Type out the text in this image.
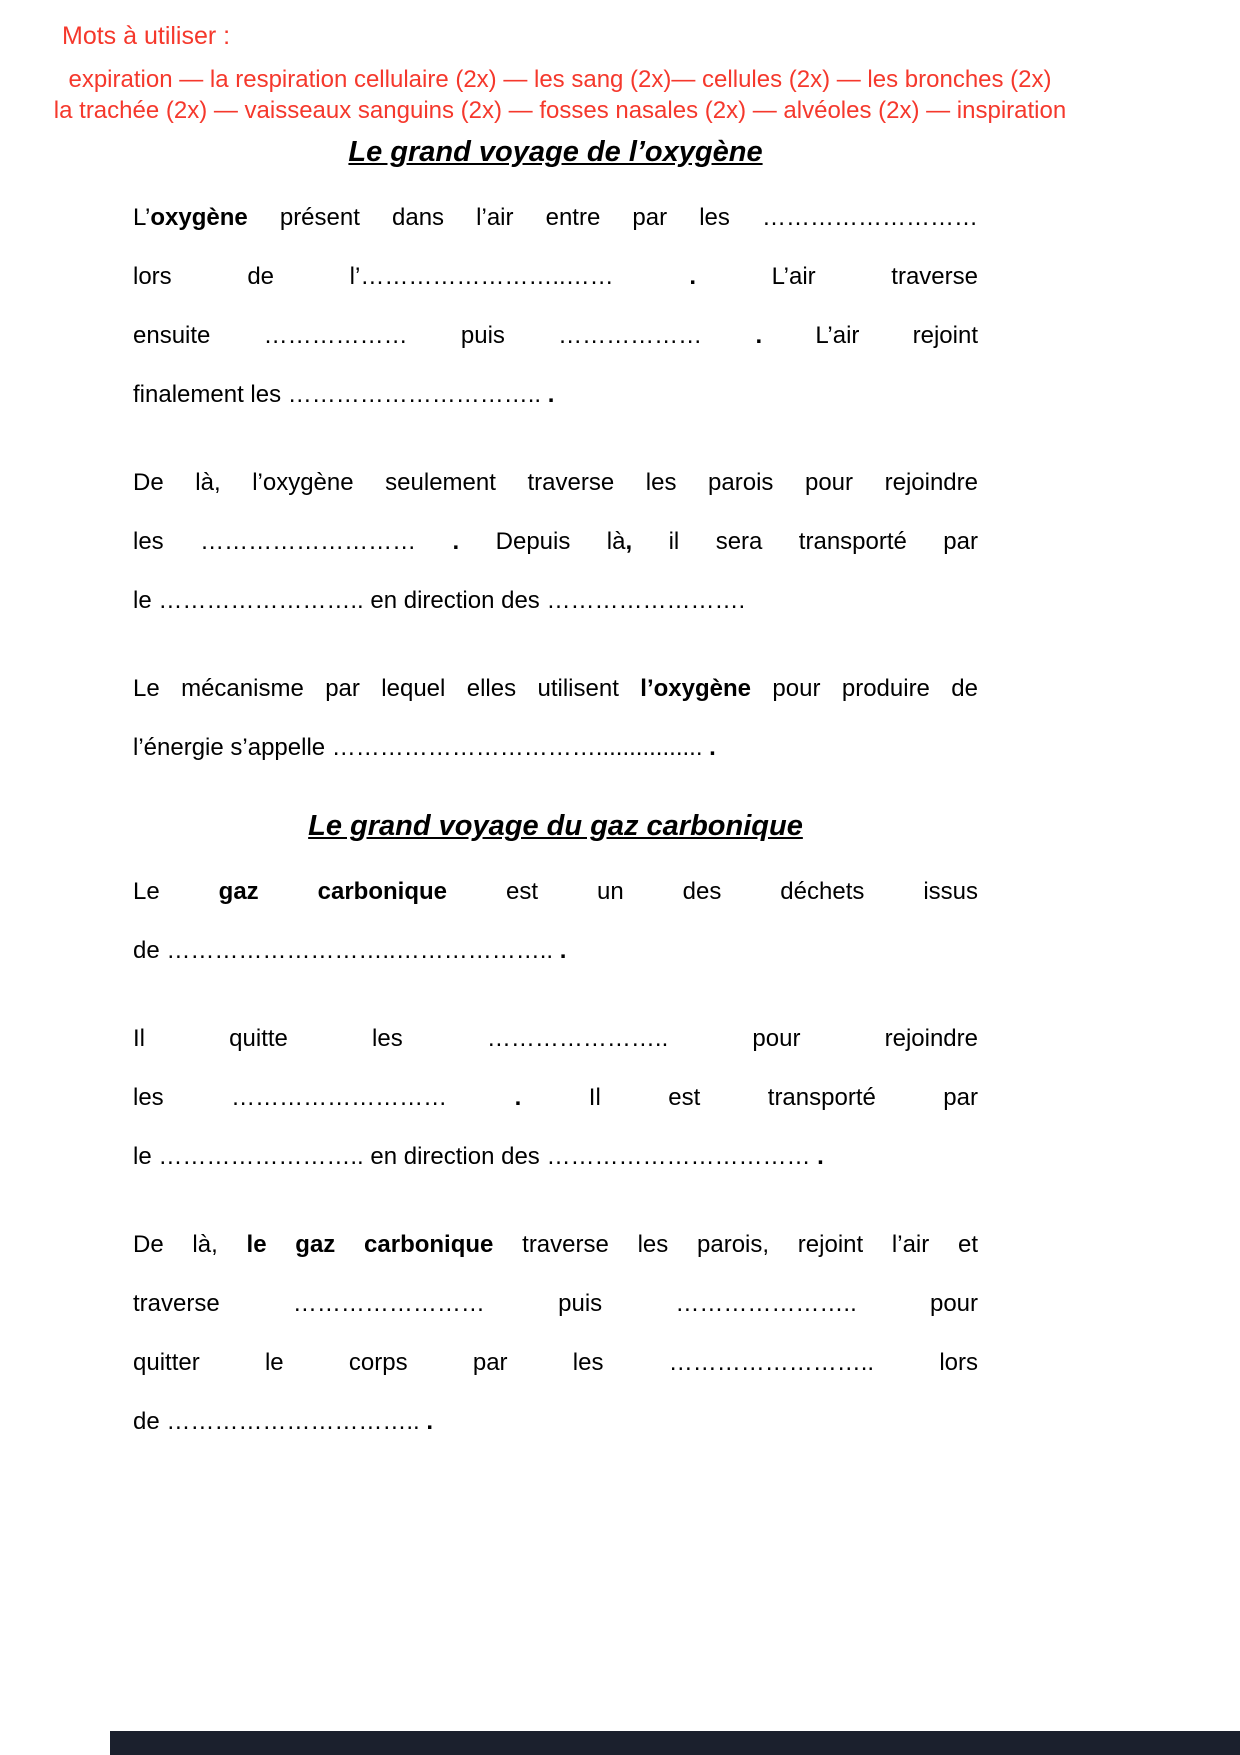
Mots à utiliser :
expiration — la respiration cellulaire (2x) — les sang (2x)— cellules (2x) — les bronches (2x)
la trachée (2x) — vaisseaux sanguins (2x) — fosses nasales (2x) — alvéoles (2x) — inspiration
Le grand voyage de l’oxygène
L’oxygène présent dans l’air entre par les ………………………
lors de l’……………………..…… . L’air traverse
ensuite ……………… puis ……………… . L’air rejoint
finalement les ………………………….. .
De là, l’oxygène seulement traverse les parois pour rejoindre
les ……………………… . Depuis là, il sera transporté par
le …………………….. en direction des …………………….
Le mécanisme par lequel elles utilisent l’oxygène pour produire de
l’énergie s’appelle ……………………………................ .
Le grand voyage du gaz carbonique
Le gaz carbonique est un des déchets issus
de ………………………..……………….. .
Il quitte les ………………….. pour rejoindre
les ……………………… . Il est transporté par
le …………………….. en direction des …………………………… .
De là, le gaz carbonique traverse les parois, rejoint l’air et
traverse …………………… puis ………………….. pour
quitter le corps par les …………………….. lors
de ………………………….. .
